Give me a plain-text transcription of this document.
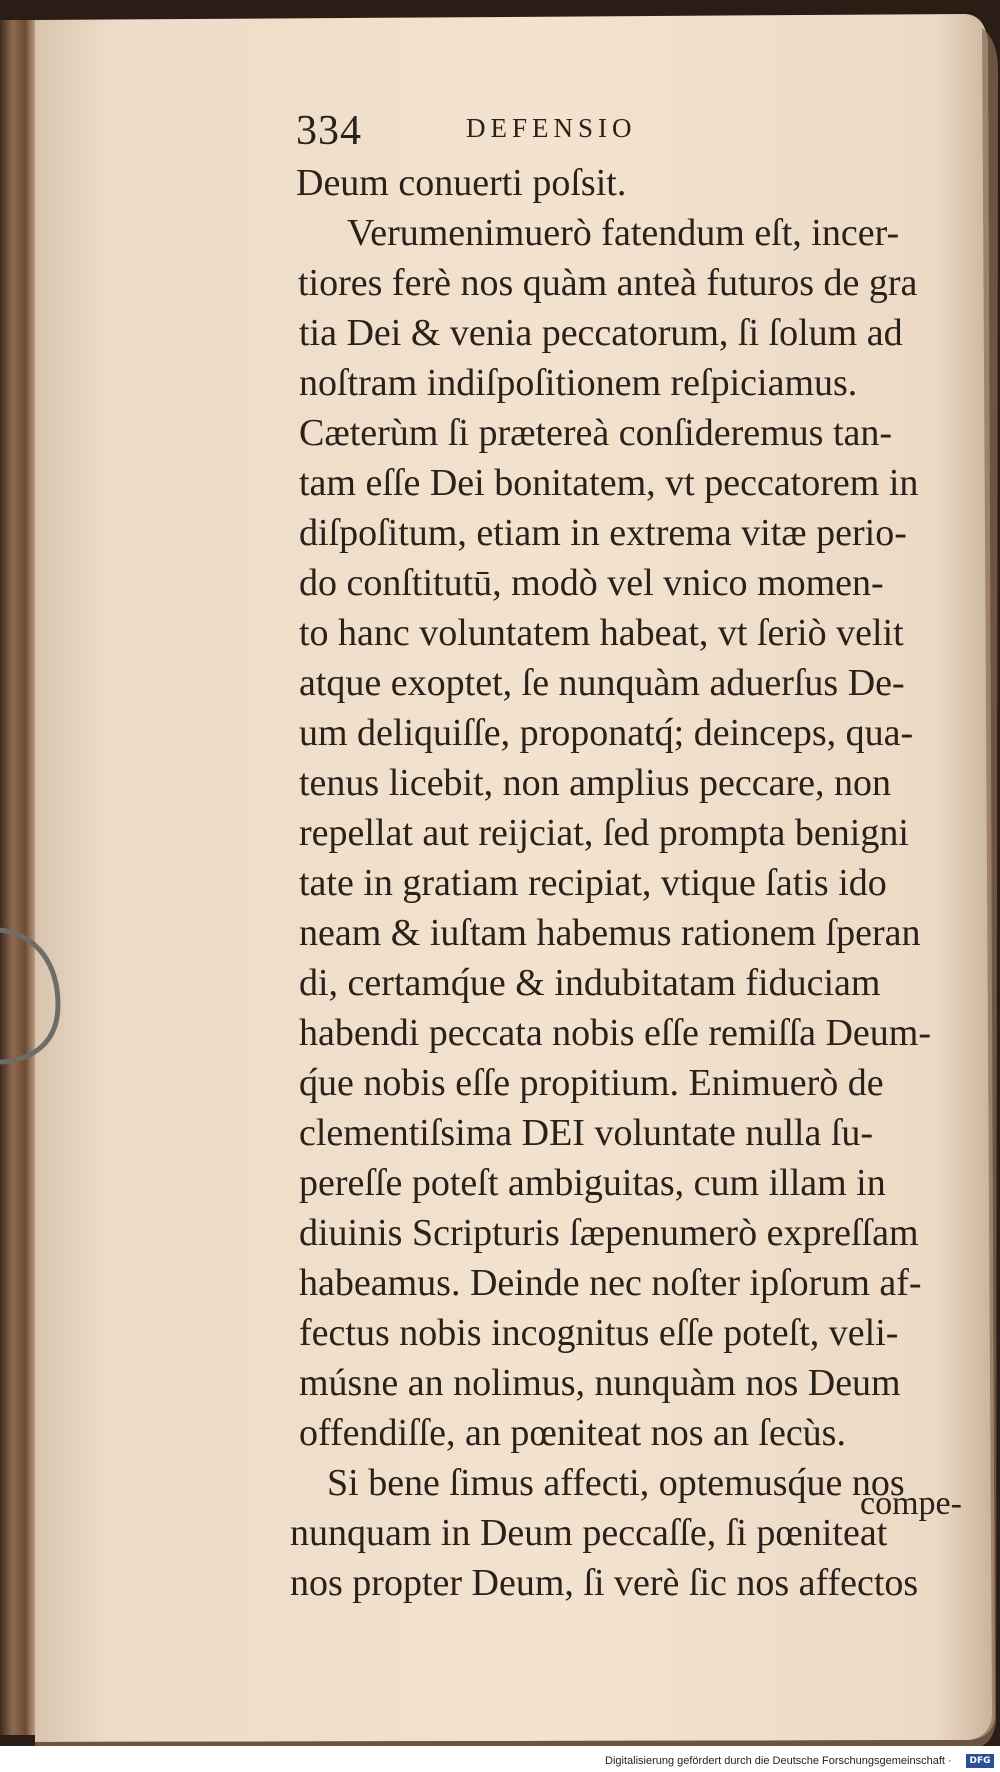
334	DEFENSIO
Deum conuerti poſsit.
Verumenimuerò fatendum eſt, incer-
tiores ferè nos quàm anteà futuros de gra
tia Dei & venia peccatorum, ſi ſolum ad
noſtram indiſpoſitionem reſpiciamus.
Cæterùm ſi prætereà conſideremus tan-
tam eſſe Dei bonitatem, vt peccatorem in
diſpoſitum, etiam in extrema vitæ perio-
do conſtitutū, modò vel vnico momen-
to hanc voluntatem habeat, vt ſeriò velit
atque exoptet, ſe nunquàm aduerſus De-
um deliquiſſe, proponatq́; deinceps, qua-
tenus licebit, non amplius peccare, non
repellat aut reijciat, ſed prompta benigni
tate in gratiam recipiat, vtique ſatis ido
neam & iuſtam habemus rationem ſperan
di, certamq́ue & indubitatam fiduciam
habendi peccata nobis eſſe remiſſa Deum-
q́ue nobis eſſe propitium. Enimuerò de
clementiſsima DEI voluntate nulla ſu-
pereſſe poteſt ambiguitas, cum illam in
diuinis Scripturis ſæpenumerò expreſſam
habeamus. Deinde nec noſter ipſorum af-
fectus nobis incognitus eſſe poteſt, veli-
músne an nolimus, nunquàm nos Deum
offendiſſe, an pœniteat nos an ſecùs.
Si bene ſimus affecti, optemusq́ue nos
nunquam in Deum peccaſſe, ſi pœniteat
nos propter Deum, ſi verè ſic nos affectos
compe-
Digitalisierung gefördert durch die Deutsche Forschungsgemeinschaft ·	DFG
